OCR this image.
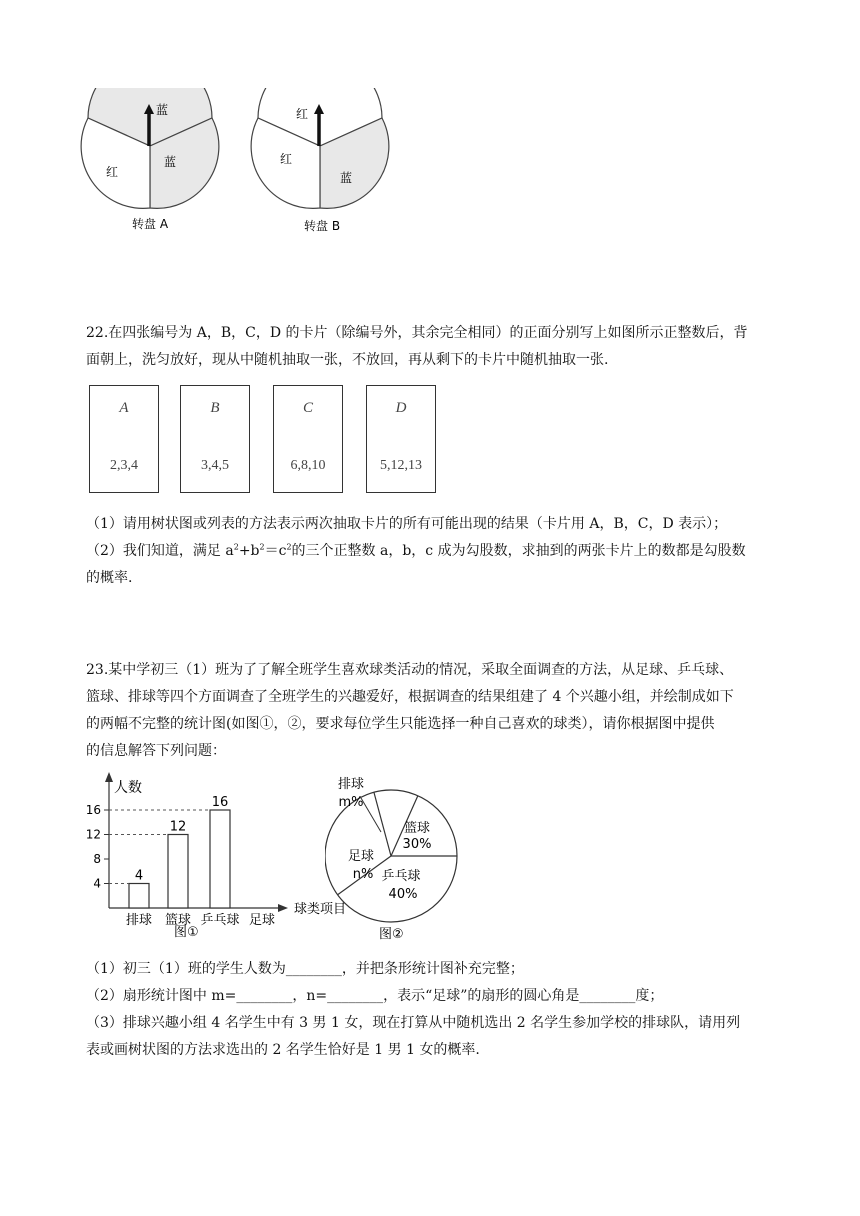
蓝
蓝
红
转盘 A
红
红
蓝
转盘 B
22.在四张编号为 A，B，C，D 的卡片（除编号外，其余完全相同）的正面分别写上如图所示正整数后，背
面朝上，洗匀放好，现从中随机抽取一张，不放回，再从剩下的卡片中随机抽取一张.
A
2,3,4
B
3,4,5
C
6,8,10
D
5,12,13
（1）请用树状图或列表的方法表示两次抽取卡片的所有可能出现的结果（卡片用 A，B，C，D 表示）；
（2）我们知道，满足 $a^2+b^2=c^2$的三个正整数 a，b，c 成为勾股数，求抽到的两张卡片上的数都是勾股数
的概率.
23.某中学初三（1）班为了了解全班学生喜欢球类活动的情况，采取全面调查的方法，从足球、乒乓球、
篮球、排球等四个方面调查了全班学生的兴趣爱好，根据调查的结果组建了 4 个兴趣小组，并绘制成如下
的两幅不完整的统计图(如图①，②，要求每位学生只能选择一种自己喜欢的球类），请你根据图中提供
的信息解答下列问题：
人数
球类项目
图①
4
8
12
16
排球
4
篮球
12
乒乓球
16
足球
排球
m%
篮球
30%
乒乓球
40%
足球
n%
图②
（1）初三（1）班的学生人数为________，并把条形统计图补充完整；
（2）扇形统计图中 m=________，n=________，表示“足球”的扇形的圆心角是________度；
（3）排球兴趣小组 4 名学生中有 3 男 1 女，现在打算从中随机选出 2 名学生参加学校的排球队，请用列
表或画树状图的方法求选出的 2 名学生恰好是 1 男 1 女的概率.
